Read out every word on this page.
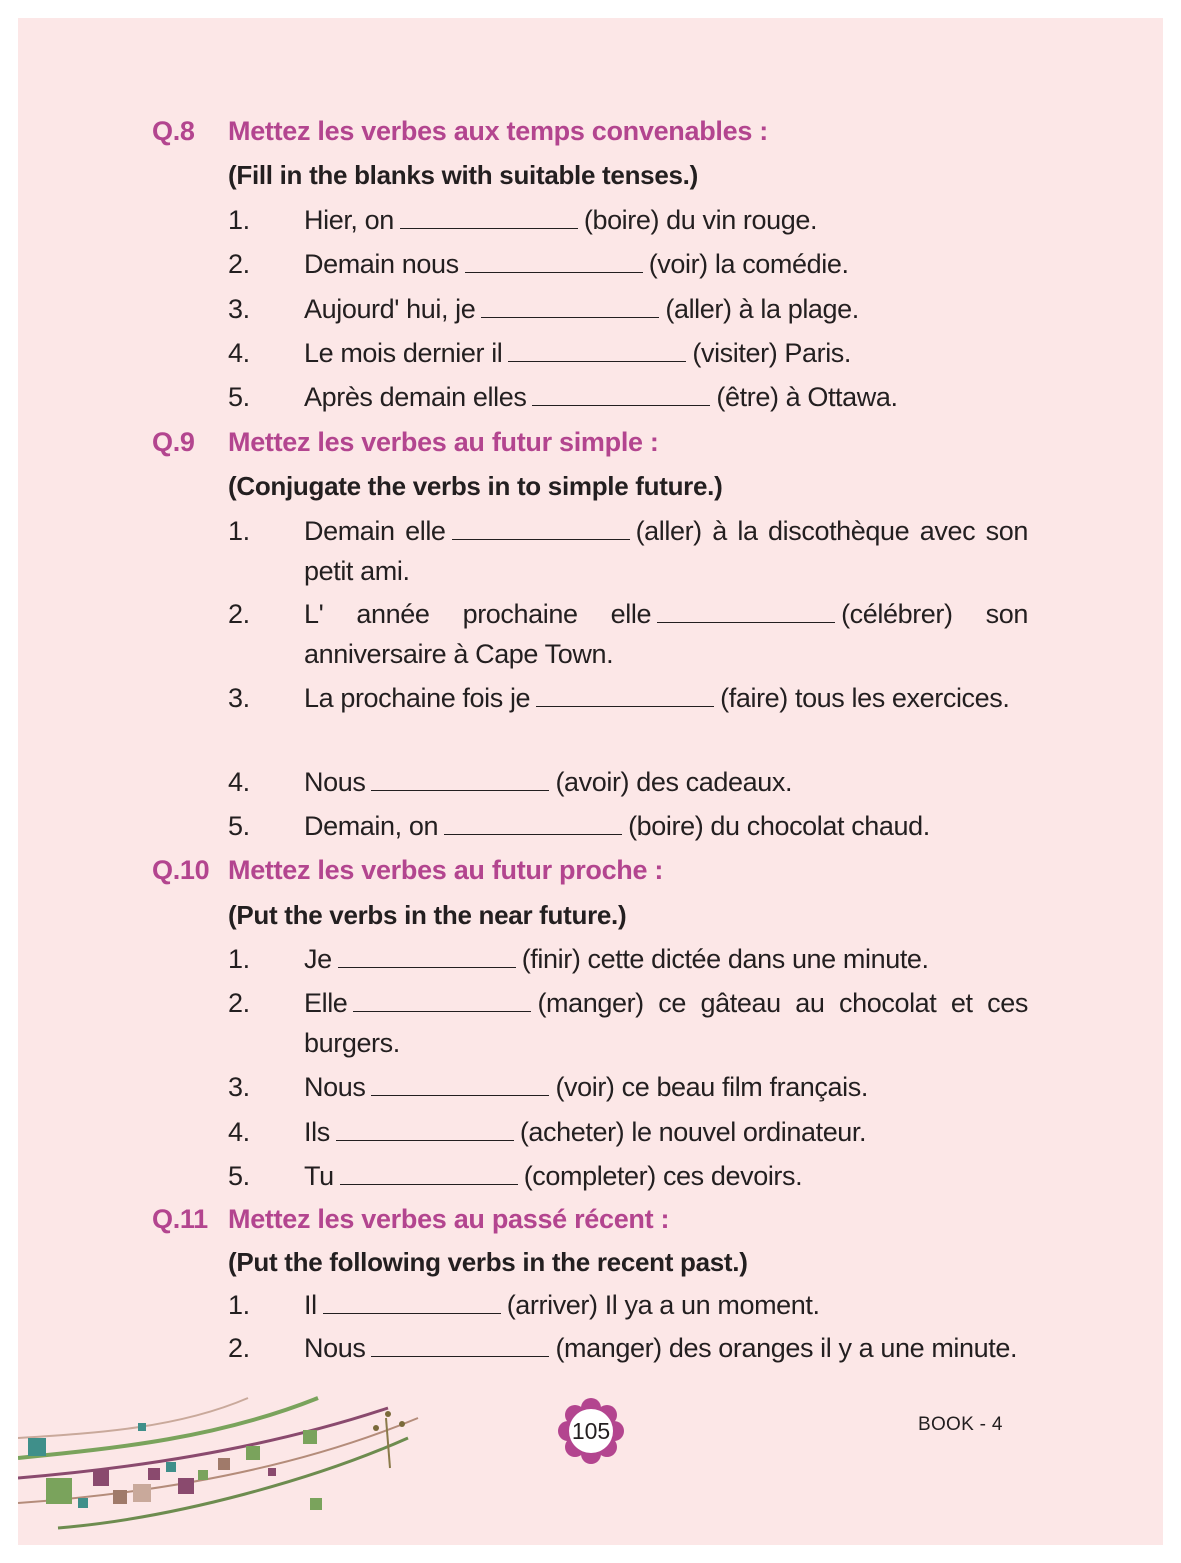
Q.8	Mettez les verbes aux temps convenables :
(Fill in the blanks with suitable tenses.)
1.	Hier, on	(boire) du vin rouge.
2.	Demain nous	(voir) la comédie.
3.	Aujourd' hui, je	(aller) à la plage.
4.	Le mois dernier il	(visiter) Paris.
5.	Après demain elles	(être) à Ottawa.
Q.9	Mettez les verbes au futur simple :
(Conjugate the verbs in to simple future.)
1.	Demain elle	(aller) à la discothèque avec son petit ami.
2.	L' année prochaine elle	(célébrer) son anniversaire à Cape Town.
3.	La prochaine fois je	(faire) tous les exercices.
4.	Nous	(avoir) des cadeaux.
5.	Demain, on	(boire) du chocolat chaud.
Q.10 Mettez les verbes au futur proche :
(Put the verbs in the near future.)
1.	Je	(finir) cette dictée dans une minute.
2.	Elle	(manger) ce gâteau au chocolat et ces burgers.
3.	Nous	(voir) ce beau film français.
4.	Ils	(acheter) le nouvel ordinateur.
5.	Tu	(completer) ces devoirs.
Q.11 Mettez les verbes au passé récent :
(Put the following verbs in the recent past.)
1.	Il	(arriver) Il ya a un moment.
2.	Nous	(manger) des oranges il y a une minute.
105	BOOK - 4
